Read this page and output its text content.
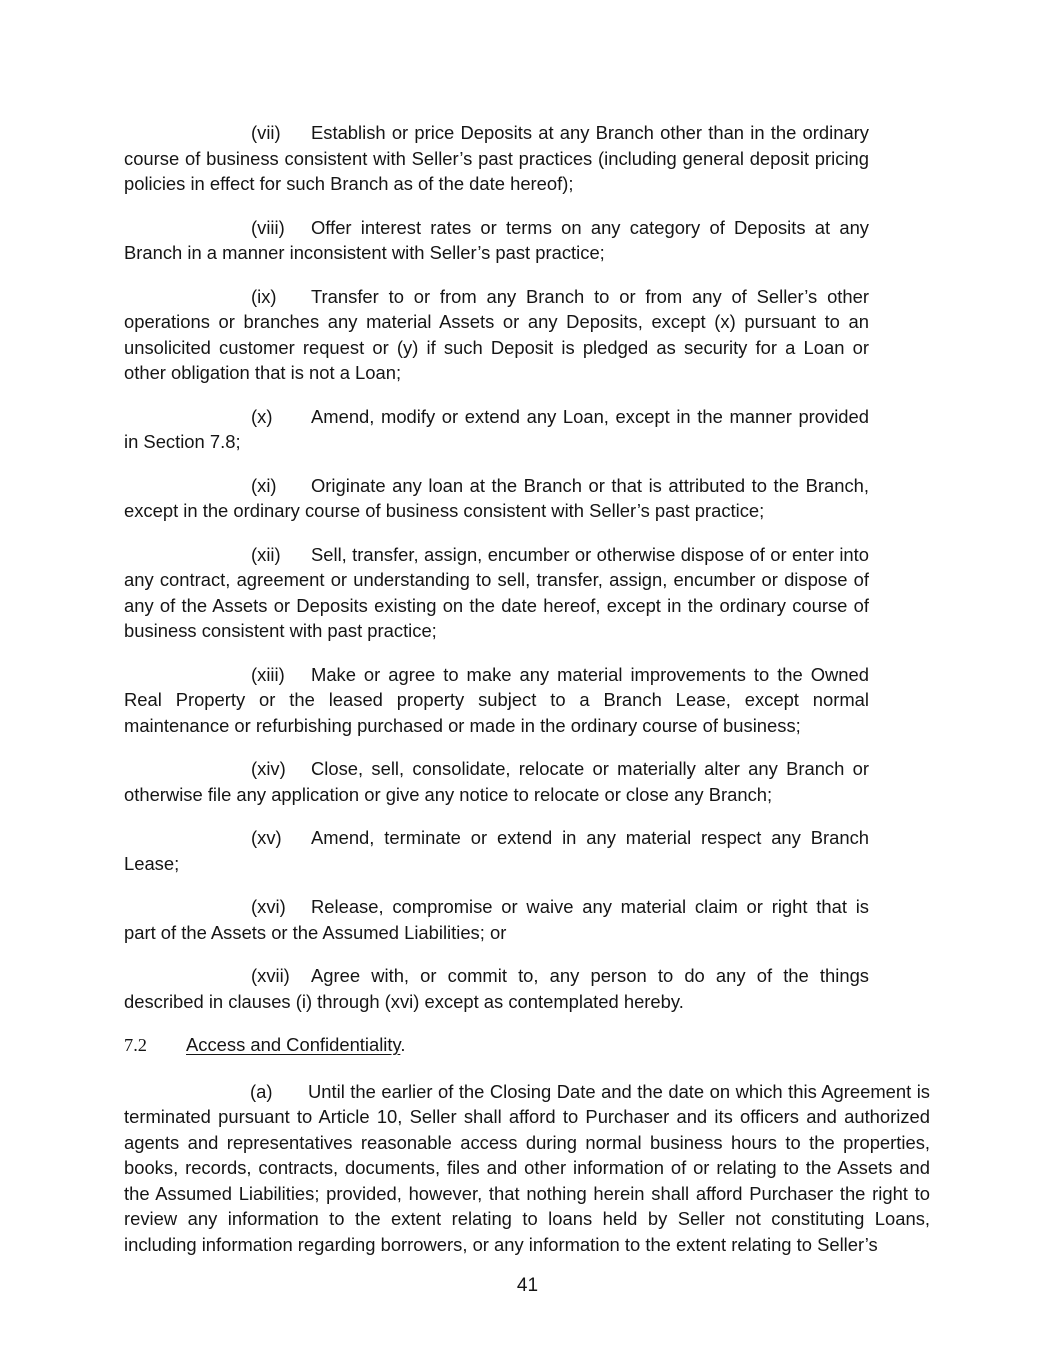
(vii) Establish or price Deposits at any Branch other than in the ordinary course of business consistent with Seller’s past practices (including general deposit pricing policies in effect for such Branch as of the date hereof);

(viii) Offer interest rates or terms on any category of Deposits at any Branch in a manner inconsistent with Seller’s past practice;

(ix) Transfer to or from any Branch to or from any of Seller’s other operations or branches any material Assets or any Deposits, except (x) pursuant to an unsolicited customer request or (y) if such Deposit is pledged as security for a Loan or other obligation that is not a Loan;

(x) Amend, modify or extend any Loan, except in the manner provided in Section 7.8;

(xi) Originate any loan at the Branch or that is attributed to the Branch, except in the ordinary course of business consistent with Seller’s past practice;

(xii) Sell, transfer, assign, encumber or otherwise dispose of or enter into any contract, agreement or understanding to sell, transfer, assign, encumber or dispose of any of the Assets or Deposits existing on the date hereof, except in the ordinary course of business consistent with past practice;

(xiii) Make or agree to make any material improvements to the Owned Real Property or the leased property subject to a Branch Lease, except normal maintenance or refurbishing purchased or made in the ordinary course of business;

(xiv) Close, sell, consolidate, relocate or materially alter any Branch or otherwise file any application or give any notice to relocate or close any Branch;

(xv) Amend, terminate or extend in any material respect any Branch Lease;

(xvi) Release, compromise or waive any material claim or right that is part of the Assets or the Assumed Liabilities; or

(xvii) Agree with, or commit to, any person to do any of the things described in clauses (i) through (xvi) except as contemplated hereby.

7.2 Access and Confidentiality.

(a) Until the earlier of the Closing Date and the date on which this Agreement is terminated pursuant to Article 10, Seller shall afford to Purchaser and its officers and authorized agents and representatives reasonable access during normal business hours to the properties, books, records, contracts, documents, files and other information of or relating to the Assets and the Assumed Liabilities; provided, however, that nothing herein shall afford Purchaser the right to review any information to the extent relating to loans held by Seller not constituting Loans, including information regarding borrowers, or any information to the extent relating to Seller’s

41
